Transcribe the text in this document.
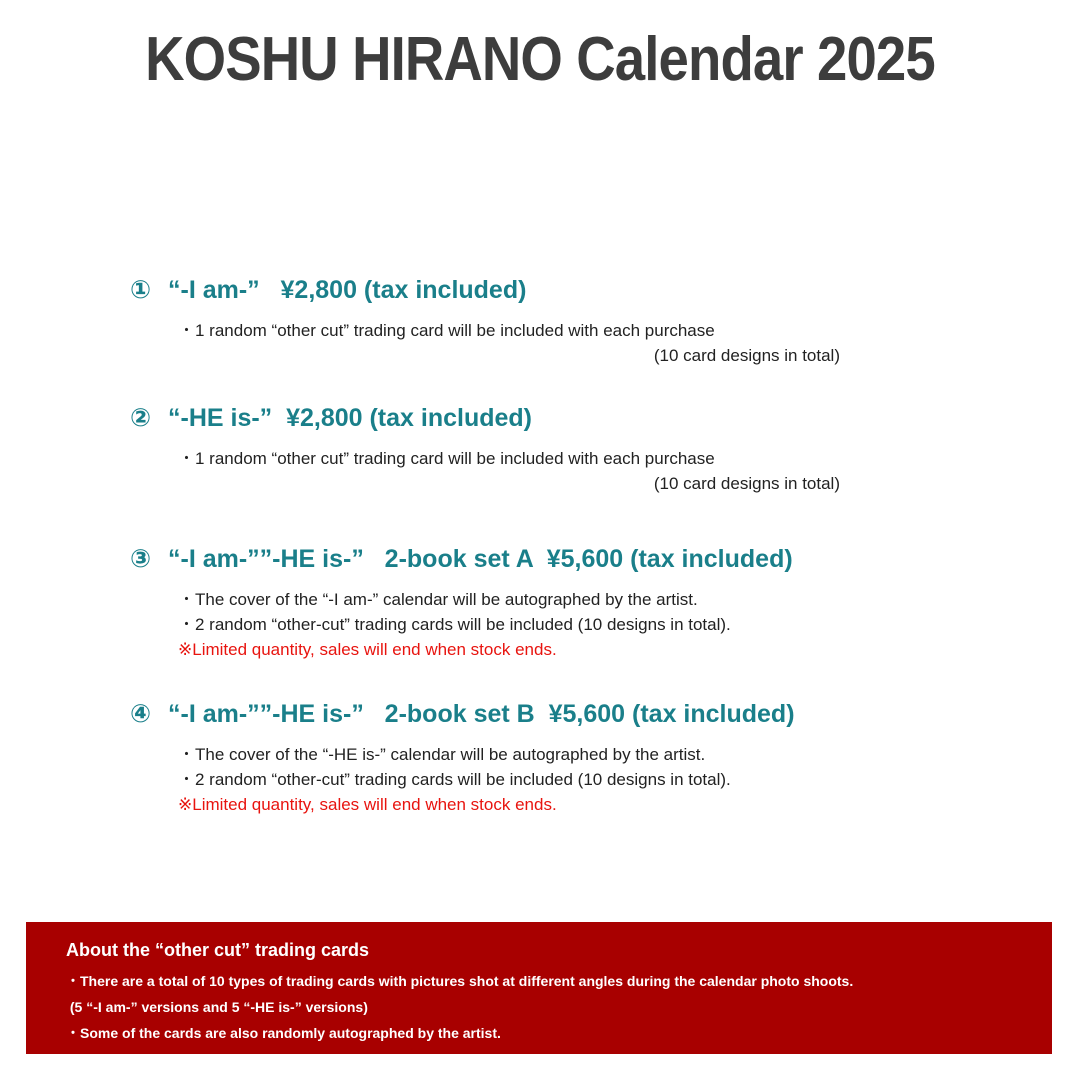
KOSHU HIRANO Calendar 2025
① “-I am-”   ¥2,800 (tax included)
・1 random “other cut” trading card will be included with each purchase
(10 card designs in total)
② “-HE is-”  ¥2,800 (tax included)
・1 random “other cut” trading card will be included with each purchase
(10 card designs in total)
③ “-I am-””-HE is-”   2-book set A  ¥5,600 (tax included)
・The cover of the “-I am-” calendar will be autographed by the artist.
・2 random “other-cut” trading cards will be included (10 designs in total).
※Limited quantity, sales will end when stock ends.
④ “-I am-””-HE is-”   2-book set B  ¥5,600 (tax included)
・The cover of the “-HE is-” calendar will be autographed by the artist.
・2 random “other-cut” trading cards will be included (10 designs in total).
※Limited quantity, sales will end when stock ends.

About the “other cut” trading cards

・There are a total of 10 types of trading cards with pictures shot at different angles during the calendar photo shoots.

(5 “-I am-” versions and 5 “-HE is-” versions)

・Some of the cards are also randomly autographed by the artist.
